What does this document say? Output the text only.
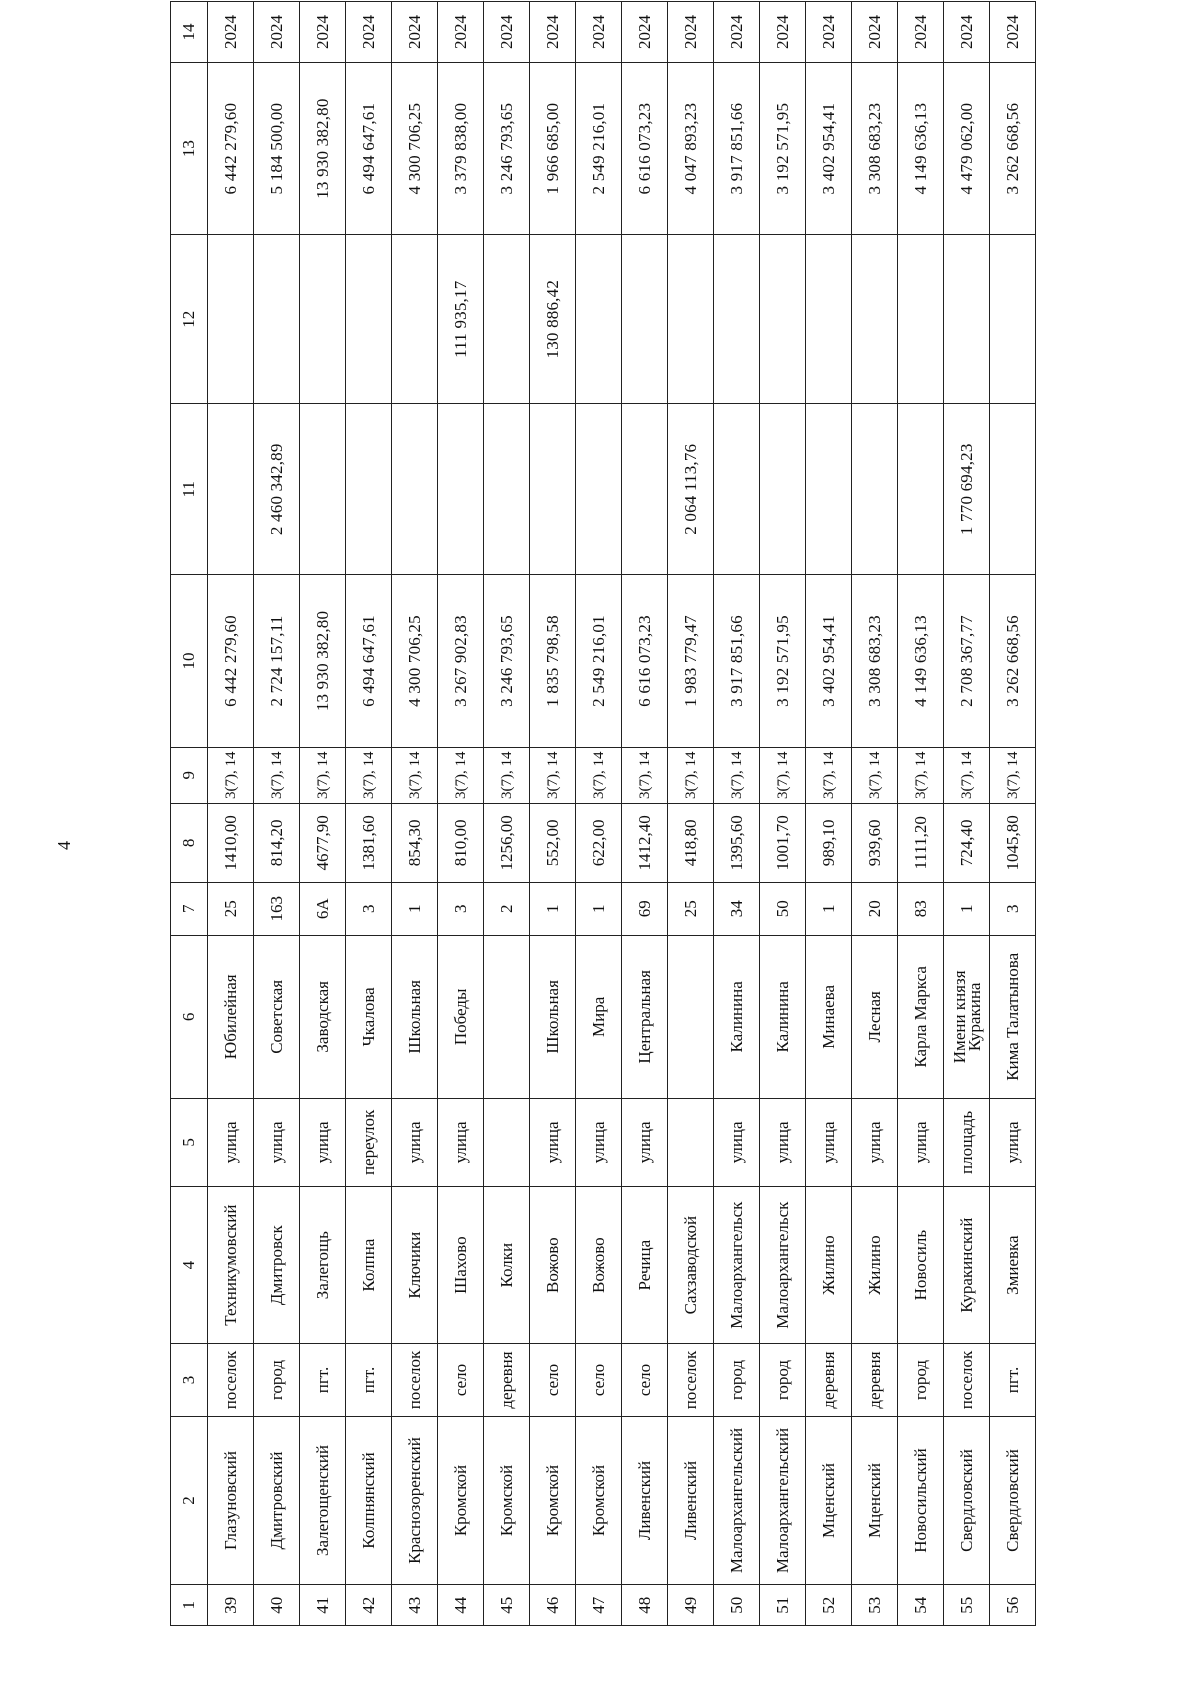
4
1	2	3	4	5	6	7	8	9	10	11	12	13	14
39	Глазуновский	поселок	Техникумовский	улица	Юбилейная	25	1410,00	3(7), 14	6 442 279,60			6 442 279,60	2024
40	Дмитровский	город	Дмитровск	улица	Советская	163	814,20	3(7), 14	2 724 157,11	2 460 342,89		5 184 500,00	2024
41	Залегощенский	пгт.	Залегощь	улица	Заводская	6А	4677,90	3(7), 14	13 930 382,80			13 930 382,80	2024
42	Колпнянский	пгт.	Колпна	переулок	Чкалова	3	1381,60	3(7), 14	6 494 647,61			6 494 647,61	2024
43	Краснозоренский	поселок	Ключики	улица	Школьная	1	854,30	3(7), 14	4 300 706,25			4 300 706,25	2024
44	Кромской	село	Шахово	улица	Победы	3	810,00	3(7), 14	3 267 902,83		111 935,17	3 379 838,00	2024
45	Кромской	деревня	Колки			2	1256,00	3(7), 14	3 246 793,65			3 246 793,65	2024
46	Кромской	село	Вожово	улица	Школьная	1	552,00	3(7), 14	1 835 798,58		130 886,42	1 966 685,00	2024
47	Кромской	село	Вожово	улица	Мира	1	622,00	3(7), 14	2 549 216,01			2 549 216,01	2024
48	Ливенский	село	Речица	улица	Центральная	69	1412,40	3(7), 14	6 616 073,23			6 616 073,23	2024
49	Ливенский	поселок	Сахзаводской			25	418,80	3(7), 14	1 983 779,47	2 064 113,76		4 047 893,23	2024
50	Малоархангельский	город	Малоархангельск	улица	Калинина	34	1395,60	3(7), 14	3 917 851,66			3 917 851,66	2024
51	Малоархангельский	город	Малоархангельск	улица	Калинина	50	1001,70	3(7), 14	3 192 571,95			3 192 571,95	2024
52	Мценский	деревня	Жилино	улица	Минаева	1	989,10	3(7), 14	3 402 954,41			3 402 954,41	2024
53	Мценский	деревня	Жилино	улица	Лесная	20	939,60	3(7), 14	3 308 683,23			3 308 683,23	2024
54	Новосильский	город	Новосиль	улица	Карла Маркса	83	1111,20	3(7), 14	4 149 636,13			4 149 636,13	2024
55	Свердловский	поселок	Куракинский	площадь	Имени князя Куракина	1	724,40	3(7), 14	2 708 367,77	1 770 694,23		4 479 062,00	2024
56	Свердловский	пгт.	Змиевка	улица	Кима Талатынова	3	1045,80	3(7), 14	3 262 668,56			3 262 668,56	2024
